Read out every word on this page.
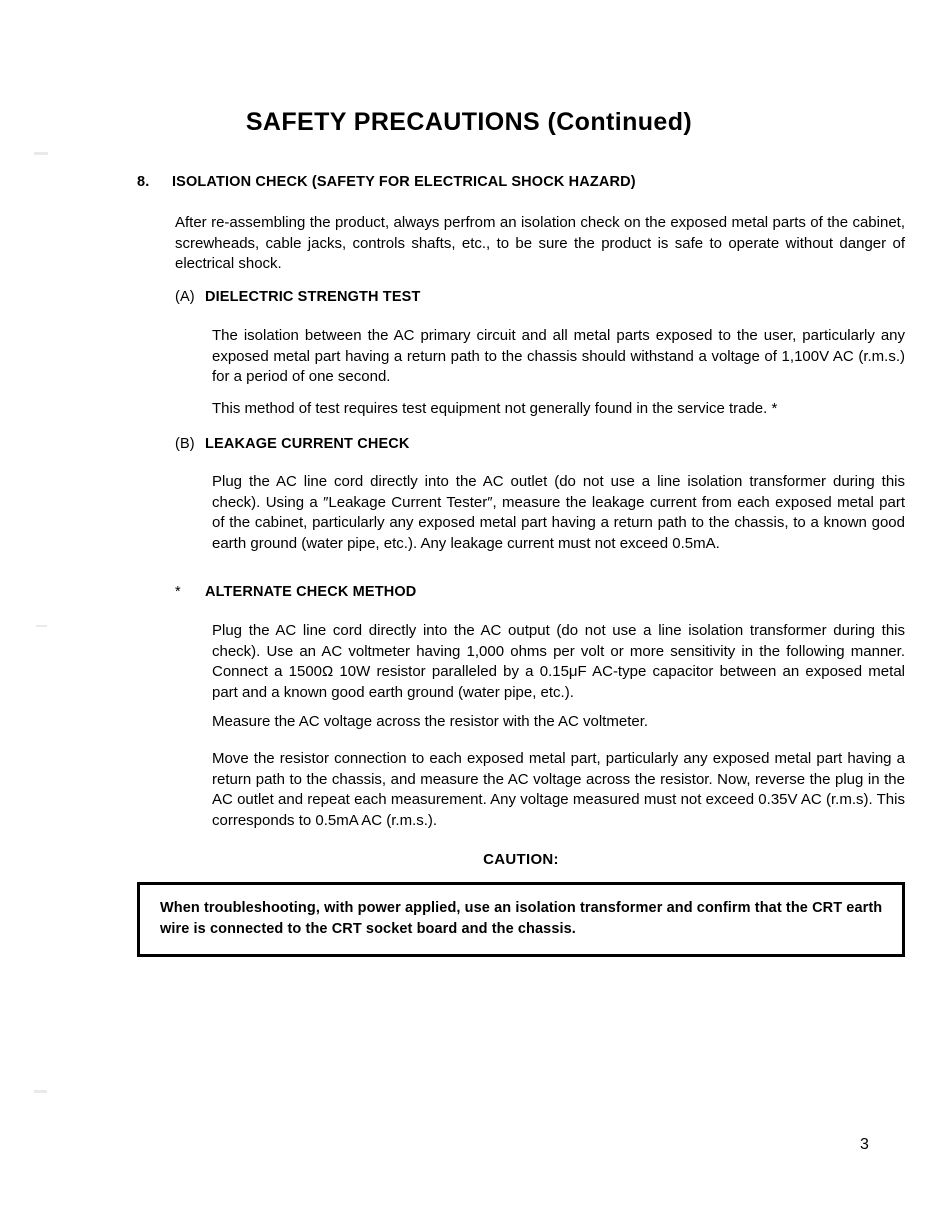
SAFETY PRECAUTIONS (Continued)
8. ISOLATION CHECK (SAFETY FOR ELECTRICAL SHOCK HAZARD)
After re-assembling the product, always perfrom an isolation check on the exposed metal parts of the cabinet, screwheads, cable jacks, controls shafts, etc., to be sure the product is safe to operate without danger of electrical shock.
(A) DIELECTRIC STRENGTH TEST
The isolation between the AC primary circuit and all metal parts exposed to the user, particularly any exposed metal part having a return path to the chassis should withstand a voltage of 1,100V AC (r.m.s.) for a period of one second.
This method of test requires test equipment not generally found in the service trade. *
(B) LEAKAGE CURRENT CHECK
Plug the AC line cord directly into the AC outlet (do not use a line isolation transformer during this check). Using a ″Leakage Current Tester″, measure the leakage current from each exposed metal part of the cabinet, particularly any exposed metal part having a return path to the chassis, to a known good earth ground (water pipe, etc.). Any leakage current must not exceed 0.5mA.
* ALTERNATE CHECK METHOD
Plug the AC line cord directly into the AC output (do not use a line isolation transformer during this check). Use an AC voltmeter having 1,000 ohms per volt or more sensitivity in the following manner. Connect a 1500Ω 10W resistor paralleled by a 0.15μF AC-type capacitor between an exposed metal part and a known good earth ground (water pipe, etc.).
Measure the AC voltage across the resistor with the AC voltmeter.
Move the resistor connection to each exposed metal part, particularly any exposed metal part having a return path to the chassis, and measure the AC voltage across the resistor. Now, reverse the plug in the AC outlet and repeat each measurement. Any voltage measured must not exceed 0.35V AC (r.m.s). This corresponds to 0.5mA AC (r.m.s.).
CAUTION:
When troubleshooting, with power applied, use an isolation transformer and confirm that the CRT earth wire is connected to the CRT socket board and the chassis.
3
